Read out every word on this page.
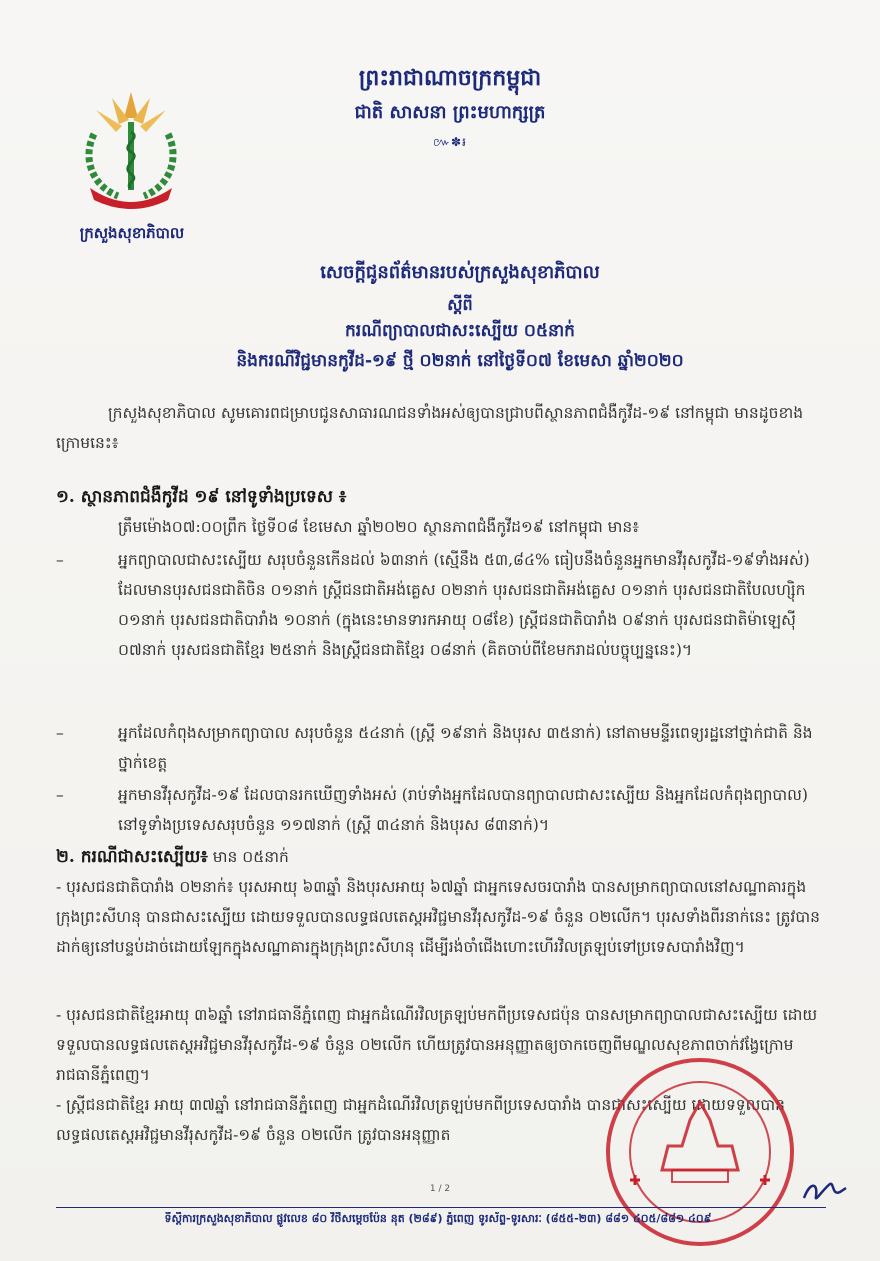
ក្រសួងសុខាភិបាល
ព្រះរាជាណាចក្រកម្ពុជា
ជាតិ សាសនា ព្រះមហាក្សត្រ
៚✽៛
សេចក្តីជូនព័ត៌មានរបស់ក្រសួងសុខាភិបាល
ស្តីពី
ករណីព្យាបាលជាសះស្បើយ ០៥នាក់
និងករណីវិជ្ជមានកូវីដ-១៩ ថ្មី ០២នាក់ នៅថ្ងៃទី០៧ ខែមេសា ឆ្នាំ២០២០
ក្រសួងសុខាភិបាល សូមគោរពជម្រាបជូនសាធារណជនទាំងអស់ឲ្យបានជ្រាបពីស្ថានភាពជំងឺកូវីដ-១៩ នៅកម្ពុជា មានដូចខាងក្រោមនេះ៖
១. ស្ថានភាពជំងឺកូវីដ ១៩ នៅទូទាំងប្រទេស ៖
ត្រឹមម៉ោង០៧:០០ព្រឹក ថ្ងៃទី០៨ ខែមេសា ឆ្នាំ២០២០ ស្ថានភាពជំងឺកូវីដ១៩ នៅកម្ពុជា មាន៖
–	អ្នកព្យាបាលជាសះស្បើយ សរុបចំនួនកើនដល់ ៦៣នាក់ (ស្មើនឹង ៥៣,៨៤% ធៀបនឹងចំនួនអ្នកមានវីរុសកូវីដ-១៩ទាំងអស់) ដែលមានបុរសជនជាតិចិន ០១នាក់ ស្ត្រីជនជាតិអង់គ្លេស ០២នាក់ បុរសជនជាតិអង់គ្លេស ០១នាក់ បុរសជនជាតិបែលហ្ស៊ិក ០១នាក់ បុរសជនជាតិបារាំង ១០នាក់ (ក្នុងនេះមានទារកអាយុ ០៨ខែ) ស្ត្រីជនជាតិបារាំង ០៩នាក់ បុរសជនជាតិម៉ាឡេស៊ី ០៧នាក់ បុរសជនជាតិខ្មែរ ២៥នាក់ និងស្ត្រីជនជាតិខ្មែរ ០៨នាក់ (គិតចាប់ពីខែមករាដល់បច្ចុប្បន្ននេះ)។
–	អ្នកដែលកំពុងសម្រាកព្យាបាល សរុបចំនួន ៥៤នាក់ (ស្ត្រី ១៩នាក់ និងបុរស ៣៥នាក់) នៅតាមមន្ទីរពេទ្យរដ្ឋនៅថ្នាក់ជាតិ និងថ្នាក់ខេត្ត
–	អ្នកមានវីរុសកូវីដ-១៩ ដែលបានរកឃើញទាំងអស់ (រាប់ទាំងអ្នកដែលបានព្យាបាលជាសះស្បើយ និងអ្នកដែលកំពុងព្យាបាល) នៅទូទាំងប្រទេសសរុបចំនួន ១១៧នាក់ (ស្ត្រី ៣៤នាក់ និងបុរស ៨៣នាក់)។
២. ករណីជាសះស្បើយ៖ មាន ០៥នាក់
- បុរសជនជាតិបារាំង ០២នាក់៖ បុរសអាយុ ៦៣ឆ្នាំ និងបុរសអាយុ ៦៧ឆ្នាំ ជាអ្នកទេសចរបារាំង បានសម្រាកព្យាបាលនៅសណ្ឋាគារក្នុងក្រុងព្រះសីហនុ បានជាសះស្បើយ ដោយទទួលបានលទ្ធផលតេស្តអវិជ្ជមានវីរុសកូវីដ-១៩ ចំនួន ០២លើក។ បុរសទាំងពីរនាក់នេះ ត្រូវបានដាក់ឲ្យនៅបន្ទប់ដាច់ដោយឡែកក្នុងសណ្ឋាគារក្នុងក្រុងព្រះសីហនុ ដើម្បីរង់ចាំជើងហោះហើរវិលត្រឡប់ទៅប្រទេសបារាំងវិញ។
- បុរសជនជាតិខ្មែរអាយុ ៣៦ឆ្នាំ នៅរាជធានីភ្នំពេញ ជាអ្នកដំណើរវិលត្រឡប់មកពីប្រទេសជប៉ុន បានសម្រាកព្យាបាលជាសះស្បើយ ដោយទទួលបានលទ្ធផលតេស្តអវិជ្ជមានវីរុសកូវីដ-១៩ ចំនួន ០២លើក ហើយត្រូវបានអនុញ្ញាតឲ្យចាកចេញពីមណ្ឌលសុខភាពចាក់វង្វែក្រោម រាជធានីភ្នំពេញ។
- ស្ត្រីជនជាតិខ្មែរ អាយុ ៣៧ឆ្នាំ នៅរាជធានីភ្នំពេញ ជាអ្នកដំណើរវិលត្រឡប់មកពីប្រទេសបារាំង បានជាសះស្បើយ ដោយទទួលបានលទ្ធផលតេស្តអវិជ្ជមានវីរុសកូវីដ-១៩ ចំនួន ០២លើក ត្រូវបានអនុញ្ញាត
1 / 2
ទីស្តីការក្រសួងសុខាភិបាល ផ្លូវលេខ ៨០ វិថីសម្ដេចប៉ែន នុត (២៨៩) ភ្នំពេញ ទូរស័ព្ទ-ទូរសារៈ (៨៥៥-២៣) ៨៨១ ៤០៥/៨៨១ ៤០៩
